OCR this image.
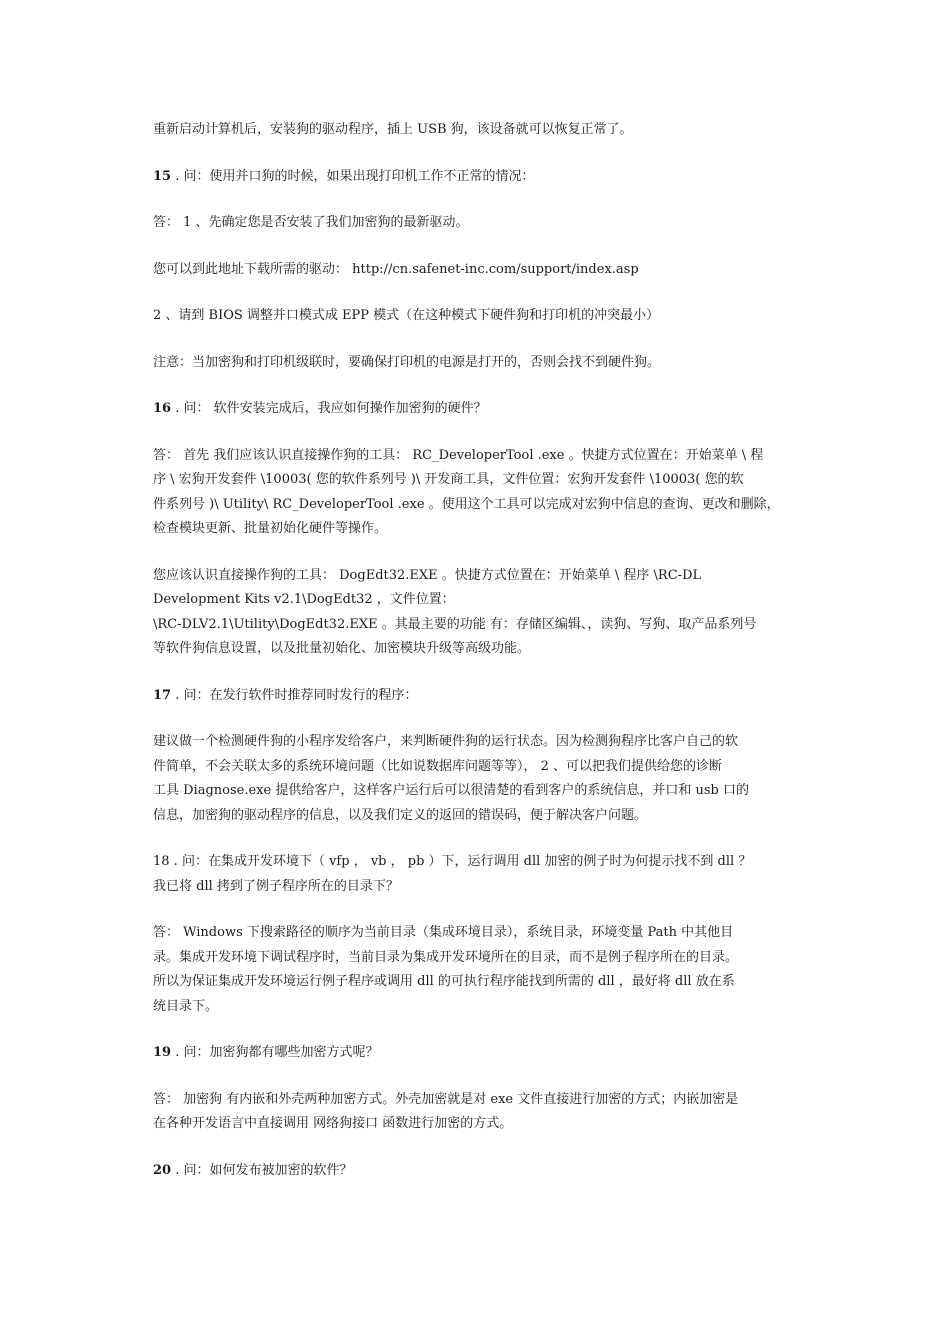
重新启动计算机后，安装狗的驱动程序，插上 USB 狗，该设备就可以恢复正常了。

15 . 问：使用并口狗的时候，如果出现打印机工作不正常的情况：

答： 1 、先确定您是否安装了我们加密狗的最新驱动。

您可以到此地址下载所需的驱动： http://cn.safenet-inc.com/support/index.asp

2 、请到 BIOS 调整并口模式成 EPP 模式（在这种模式下硬件狗和打印机的冲突最小）

注意：当加密狗和打印机级联时，要确保打印机的电源是打开的，否则会找不到硬件狗。

16 . 问： 软件安装完成后，我应如何操作加密狗的硬件？

答： 首先 我们应该认识直接操作狗的工具： RC_DeveloperTool .exe 。快捷方式位置在：开始菜单 \ 程
序 \ 宏狗开发套件 \10003( 您的软件系列号 )\ 开发商工具，文件位置：宏狗开发套件 \10003( 您的软
件系列号 )\ Utility\ RC_DeveloperTool .exe 。使用这个工具可以完成对宏狗中信息的查询、更改和删除，
检查模块更新、批量初始化硬件等操作。

您应该认识直接操作狗的工具： DogEdt32.EXE 。快捷方式位置在：开始菜单 \ 程序 \RC-DL
Development Kits v2.1\DogEdt32 ，文件位置：
\RC-DLV2.1\Utility\DogEdt32.EXE 。其最主要的功能 有：存储区编辑、，读狗、写狗、取产品系列号
等软件狗信息设置，以及批量初始化、加密模块升级等高级功能。

17 . 问：在发行软件时推荐同时发行的程序：

建议做一个检测硬件狗的小程序发给客户，来判断硬件狗的运行状态。因为检测狗程序比客户自己的软
件简单，不会关联太多的系统环境问题（比如说数据库问题等等）， 2 、可以把我们提供给您的诊断
工具 Diagnose.exe 提供给客户，这样客户运行后可以很清楚的看到客户的系统信息，并口和 usb 口的
信息，加密狗的驱动程序的信息，以及我们定义的返回的错误码，便于解决客户问题。

18 . 问：在集成开发环境下（ vfp ， vb ， pb ）下，运行调用 dll 加密的例子时为何提示找不到 dll ？
我已将 dll 拷到了例子程序所在的目录下？

答： Windows 下搜索路径的顺序为当前目录（集成环境目录），系统目录，环境变量 Path 中其他目
录。集成开发环境下调试程序时，当前目录为集成开发环境所在的目录，而不是例子程序所在的目录。
所以为保证集成开发环境运行例子程序或调用 dll 的可执行程序能找到所需的 dll ，最好将 dll 放在系
统目录下。

19 . 问：加密狗都有哪些加密方式呢？

答： 加密狗 有内嵌和外壳两种加密方式。外壳加密就是对 exe 文件直接进行加密的方式；内嵌加密是
在各种开发语言中直接调用 网络狗接口 函数进行加密的方式。

20 . 问：如何发布被加密的软件？
